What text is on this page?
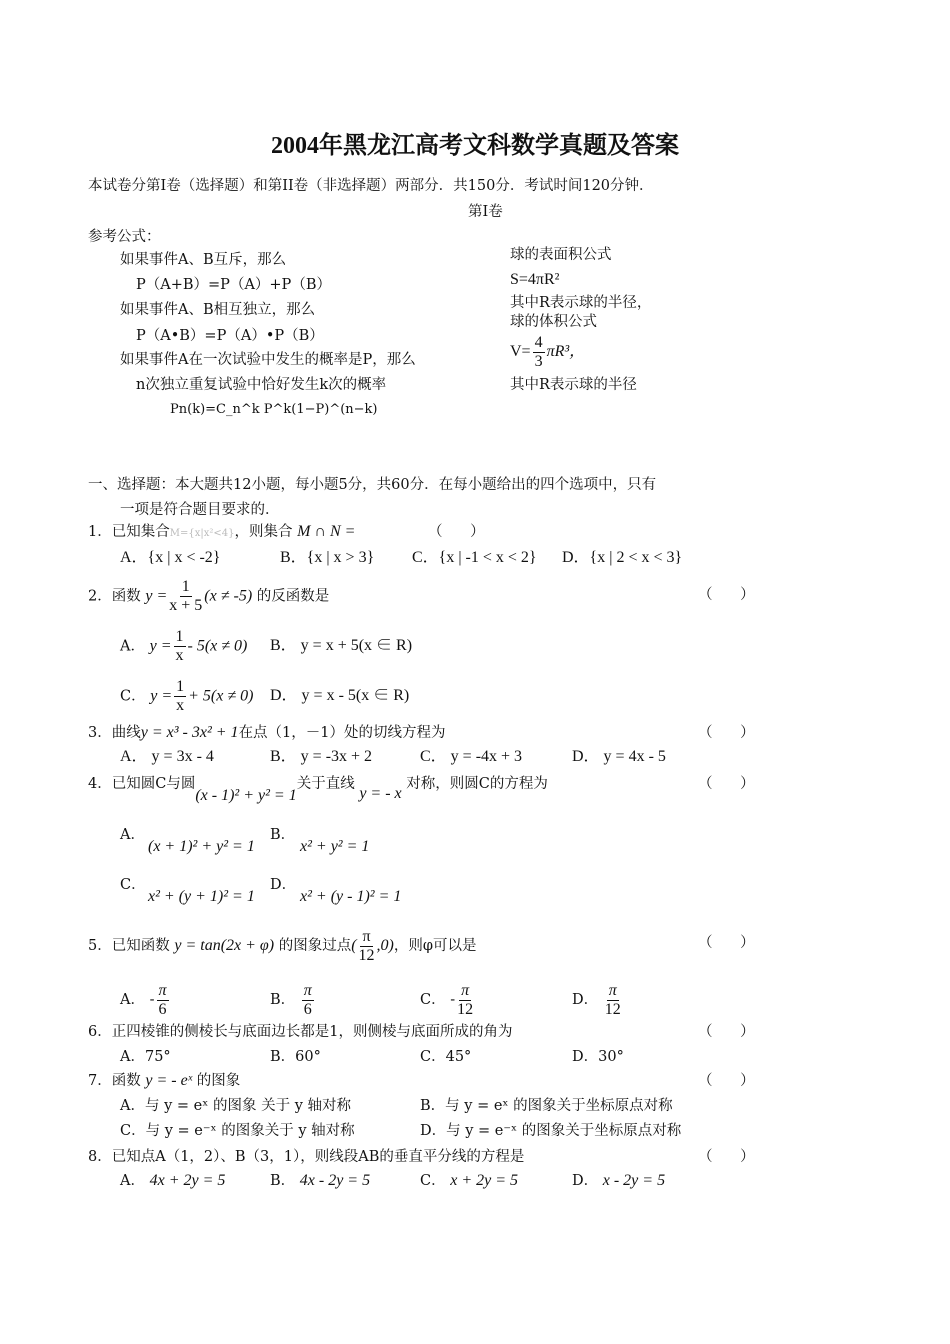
2004年黑龙江高考文科数学真题及答案
本试卷分第Ⅰ卷（选择题）和第II卷（非选择题）两部分．共150分．考试时间120分钟．
第Ⅰ卷
参考公式：
如果事件A、B互斥，那么
P（A+B）=P（A）+P（B）
如果事件A、B相互独立，那么
P（A•B）=P（A）•P（B）
如果事件A在一次试验中发生的概率是P，那么
n次独立重复试验中恰好发生k次的概率
Pn(k)=C_n^k P^k(1−P)^(n−k)
球的表面积公式
S=4πR²
其中R表示球的半径，
球的体积公式
$V= \frac{4}{3} \pi R^3$，
其中R表示球的半径
一、选择题：本大题共12小题，每小题5分，共60分．在每小题给出的四个选项中，只有
一项是符合题目要求的．
1．已知集合M={x|x²<4}，则集合 M ∩ N =	（      ）
A．{x | x < -2}	B．{x | x > 3} C．{x | -1 < x < 2} D．{x | 2 < x < 3}
2．函数 $y = \frac{1}{x + 5} (x \ne -5)$ 的反函数是	（      ）
A． $y = \frac{1}{x} - 5(x \ne 0)$ B． y = x + 5(x ∈ R)
C． $y = \frac{1}{x} + 5(x \ne 0)$ D． y = x - 5(x ∈ R)
3．曲线y = x³ - 3x² + 1在点（1，－1）处的切线方程为	（      ）
A． y = 3x - 4	B． y = -3x + 2	C． y = -4x + 3	D． y = 4x - 5
4．已知圆C与圆(x - 1)² + y² = 1关于直线 y = - x 对称，则圆C的方程为	（      ）
A．
(x + 1)² + y² = 1
B．
x² + y² = 1
C．
x² + (y + 1)² = 1
D．
x² + (y - 1)² = 1
5．已知函数 y = tan(2x + φ) 的图象过点( $\frac{\pi}{12} ,0$)，则φ可以是	（      ）
A． - $\frac{\pi}{6}$	B． $\frac{\pi}{6}$	C． - $\frac{\pi}{12}$	D． $\frac{\pi}{12}$
6．正四棱锥的侧棱长与底面边长都是1，则侧棱与底面所成的角为	（      ）
A．75°	B．60°	C．45°	D．30°
7．函数 y = - eˣ 的图象	（      ）
A．与 y = eˣ 的图象 关于 y 轴对称	B．与 y = eˣ 的图象关于坐标原点对称
C．与 y = e⁻ˣ 的图象关于 y 轴对称	D．与 y = e⁻ˣ 的图象关于坐标原点对称
8．已知点A（1，2）、B（3，1），则线段AB的垂直平分线的方程是	（      ）
A． 4x + 2y = 5	B． 4x - 2y = 5	C． x + 2y = 5	D． x - 2y = 5
